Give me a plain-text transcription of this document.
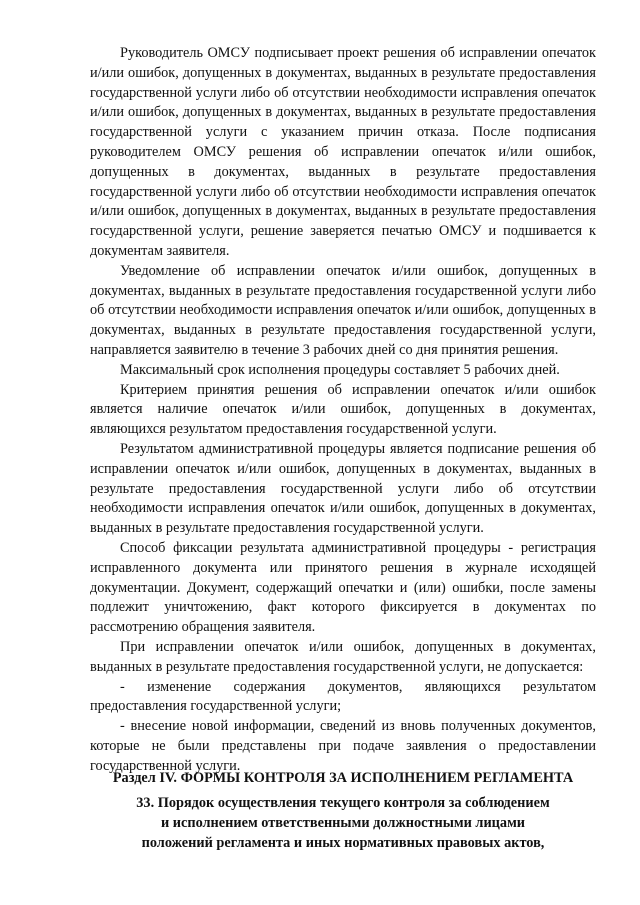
Руководитель ОМСУ подписывает проект решения об исправлении опечаток и/или ошибок, допущенных в документах, выданных в результате предоставления государственной услуги либо об отсутствии необходимости исправления опечаток и/или ошибок, допущенных в документах, выданных в результате предоставления государственной услуги с указанием причин отказа. После подписания руководителем ОМСУ решения об исправлении опечаток и/или ошибок, допущенных в документах, выданных в результате предоставления государственной услуги либо об отсутствии необходимости исправления опечаток и/или ошибок, допущенных в документах, выданных в результате предоставления государственной услуги, решение заверяется печатью ОМСУ и подшивается к документам заявителя.

Уведомление об исправлении опечаток и/или ошибок, допущенных в документах, выданных в результате предоставления государственной услуги либо об отсутствии необходимости исправления опечаток и/или ошибок, допущенных в документах, выданных в результате предоставления государственной услуги, направляется заявителю в течение 3 рабочих дней со дня принятия решения.

Максимальный срок исполнения процедуры составляет 5 рабочих дней.

Критерием принятия решения об исправлении опечаток и/или ошибок является наличие опечаток и/или ошибок, допущенных в документах, являющихся результатом предоставления государственной услуги.

Результатом административной процедуры является подписание решения об исправлении опечаток и/или ошибок, допущенных в документах, выданных в результате предоставления государственной услуги либо об отсутствии необходимости исправления опечаток и/или ошибок, допущенных в документах, выданных в результате предоставления государственной услуги.

Способ фиксации результата административной процедуры - регистрация исправленного документа или принятого решения в журнале исходящей документации. Документ, содержащий опечатки и (или) ошибки, после замены подлежит уничтожению, факт которого фиксируется в документах по рассмотрению обращения заявителя.

При исправлении опечаток и/или ошибок, допущенных в документах, выданных в результате предоставления государственной услуги, не допускается:

- изменение содержания документов, являющихся результатом предоставления государственной услуги;

- внесение новой информации, сведений из вновь полученных документов, которые не были представлены при подаче заявления о предоставлении государственной услуги.

Раздел IV. ФОРМЫ КОНТРОЛЯ ЗА ИСПОЛНЕНИЕМ РЕГЛАМЕНТА
33. Порядок осуществления текущего контроля за соблюдением
и исполнением ответственными должностными лицами
положений регламента и иных нормативных правовых актов,
